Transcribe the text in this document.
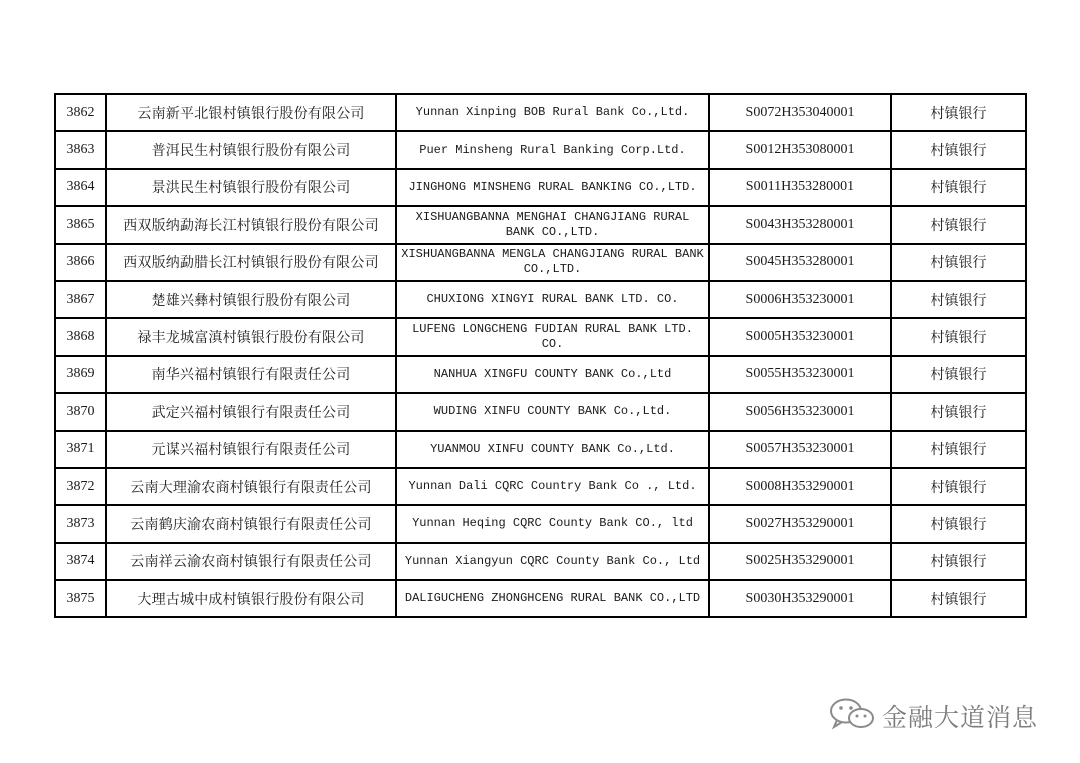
3862	云南新平北银村镇银行股份有限公司	Yunnan Xinping BOB Rural Bank Co.,Ltd.	S0072H353040001	村镇银行
3863	普洱民生村镇银行股份有限公司	Puer Minsheng Rural Banking Corp.Ltd.	S0012H353080001	村镇银行
3864	景洪民生村镇银行股份有限公司	JINGHONG MINSHENG RURAL BANKING CO.,LTD.	S0011H353280001	村镇银行
3865	西双版纳勐海长江村镇银行股份有限公司	XISHUANGBANNA MENGHAI CHANGJIANG RURAL BANK CO.,LTD.	S0043H353280001	村镇银行
3866	西双版纳勐腊长江村镇银行股份有限公司	XISHUANGBANNA MENGLA CHANGJIANG RURAL BANK CO.,LTD.	S0045H353280001	村镇银行
3867	楚雄兴彝村镇银行股份有限公司	CHUXIONG XINGYI RURAL BANK LTD. CO.	S0006H353230001	村镇银行
3868	禄丰龙城富滇村镇银行股份有限公司	LUFENG LONGCHENG FUDIAN RURAL BANK LTD. CO.	S0005H353230001	村镇银行
3869	南华兴福村镇银行有限责任公司	NANHUA XINGFU COUNTY BANK Co.,Ltd	S0055H353230001	村镇银行
3870	武定兴福村镇银行有限责任公司	WUDING XINFU COUNTY BANK Co.,Ltd.	S0056H353230001	村镇银行
3871	元谋兴福村镇银行有限责任公司	YUANMOU XINFU COUNTY BANK Co.,Ltd.	S0057H353230001	村镇银行
3872	云南大理渝农商村镇银行有限责任公司	Yunnan Dali CQRC Country Bank Co ., Ltd.	S0008H353290001	村镇银行
3873	云南鹤庆渝农商村镇银行有限责任公司	Yunnan Heqing CQRC County Bank CO., ltd	S0027H353290001	村镇银行
3874	云南祥云渝农商村镇银行有限责任公司	Yunnan Xiangyun CQRC County Bank Co., Ltd	S0025H353290001	村镇银行
3875	大理古城中成村镇银行股份有限公司	DALIGUCHENG ZHONGHCENG RURAL BANK CO.,LTD	S0030H353290001	村镇银行
金融大道消息
